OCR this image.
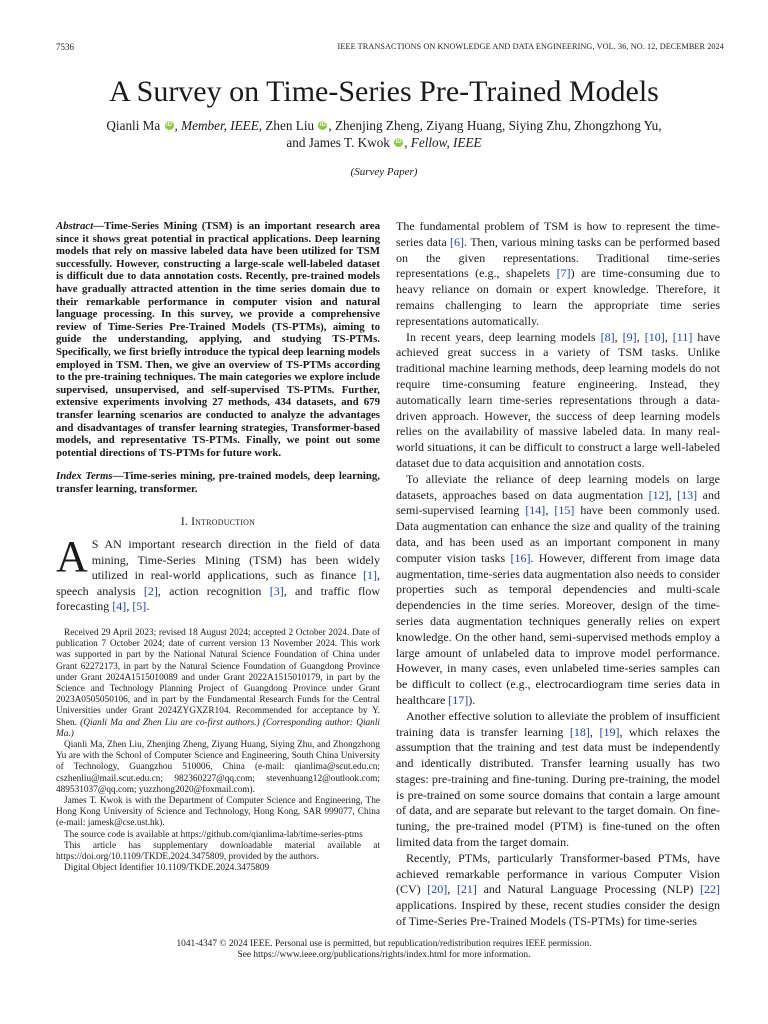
7536	IEEE TRANSACTIONS ON KNOWLEDGE AND DATA ENGINEERING, VOL. 36, NO. 12, DECEMBER 2024
A Survey on Time-Series Pre-Trained Models
Qianli Ma iD , Member, IEEE, Zhen Liu iD , Zhenjing Zheng, Ziyang Huang, Siying Zhu, Zhongzhong Yu,
and James T. Kwok iD , Fellow, IEEE
(Survey Paper)
Abstract—Time-Series Mining (TSM) is an important research area since it shows great potential in practical applications. Deep learning models that rely on massive labeled data have been utilized for TSM successfully. However, constructing a large-scale well-labeled dataset is difficult due to data annotation costs. Recently, pre-trained models have gradually attracted attention in the time series domain due to their remarkable performance in computer vision and natural language processing. In this survey, we provide a comprehensive review of Time-Series Pre-Trained Models (TS-PTMs), aiming to guide the understanding, applying, and studying TS-PTMs. Specifically, we first briefly introduce the typical deep learning models employed in TSM. Then, we give an overview of TS-PTMs according to the pre-training techniques. The main categories we explore include supervised, unsupervised, and self-supervised TS-PTMs. Further, extensive experiments involving 27 methods, 434 datasets, and 679 transfer learning scenarios are conducted to analyze the advantages and disadvantages of transfer learning strategies, Transformer-based models, and representative TS-PTMs. Finally, we point out some potential directions of TS-PTMs for future work.
Index Terms—Time-series mining, pre-trained models, deep learning, transfer learning, transformer.
I. Introduction
A S AN important research direction in the field of data mining, Time-Series Mining (TSM) has been widely utilized in real-world applications, such as finance [1], speech analysis [2], action recognition [3], and traffic flow forecasting [4], [5].

Received 29 April 2023; revised 18 August 2024; accepted 2 October 2024. Date of publication 7 October 2024; date of current version 13 November 2024. This work was supported in part by the National Natural Science Foundation of China under Grant 62272173, in part by the Natural Science Foundation of Guangdong Province under Grant 2024A1515010089 and under Grant 2022A1515010179, in part by the Science and Technology Planning Project of Guangdong Province under Grant 2023A0505050106, and in part by the Fundamental Research Funds for the Central Universities under Grant 2024ZYGXZR104. Recommended for acceptance by Y. Shen. (Qianli Ma and Zhen Liu are co-first authors.) (Corresponding author: Qianli Ma.)

Qianli Ma, Zhen Liu, Zhenjing Zheng, Ziyang Huang, Siying Zhu, and Zhongzhong Yu are with the School of Computer Science and Engineering, South China University of Technology, Guangzhou 510006, China (e-mail: qianlima@scut.edu.cn; cszhenliu@mail.scut.edu.cn; 982360227@qq.com; stevenhuang12@outlook.com; 489531037@qq.com; yuzzhong2020@foxmail.com).

James T. Kwok is with the Department of Computer Science and Engineering, The Hong Kong University of Science and Technology, Hong Kong, SAR 999077, China (e-mail: jamesk@cse.ust.hk).

The source code is available at https://github.com/qianlima-lab/time-series-ptms

This article has supplementary downloadable material available at https://doi.org/10.1109/TKDE.2024.3475809, provided by the authors.

Digital Object Identifier 10.1109/TKDE.2024.3475809

The fundamental problem of TSM is how to represent the time-series data [6]. Then, various mining tasks can be performed based on the given representations. Traditional time-series representations (e.g., shapelets [7]) are time-consuming due to heavy reliance on domain or expert knowledge. Therefore, it remains challenging to learn the appropriate time series representations automatically.

In recent years, deep learning models [8], [9], [10], [11] have achieved great success in a variety of TSM tasks. Unlike traditional machine learning methods, deep learning models do not require time-consuming feature engineering. Instead, they automatically learn time-series representations through a data-driven approach. However, the success of deep learning models relies on the availability of massive labeled data. In many real-world situations, it can be difficult to construct a large well-labeled dataset due to data acquisition and annotation costs.

To alleviate the reliance of deep learning models on large datasets, approaches based on data augmentation [12], [13] and semi-supervised learning [14], [15] have been commonly used. Data augmentation can enhance the size and quality of the training data, and has been used as an important component in many computer vision tasks [16]. However, different from image data augmentation, time-series data augmentation also needs to consider properties such as temporal dependencies and multi-scale dependencies in the time series. Moreover, design of the time-series data augmentation techniques generally relies on expert knowledge. On the other hand, semi-supervised methods employ a large amount of unlabeled data to improve model performance. However, in many cases, even unlabeled time-series samples can be difficult to collect (e.g., electrocardiogram time series data in healthcare [17]).

Another effective solution to alleviate the problem of insufficient training data is transfer learning [18], [19], which relaxes the assumption that the training and test data must be independently and identically distributed. Transfer learning usually has two stages: pre-training and fine-tuning. During pre-training, the model is pre-trained on some source domains that contain a large amount of data, and are separate but relevant to the target domain. On fine-tuning, the pre-trained model (PTM) is fine-tuned on the often limited data from the target domain.

Recently, PTMs, particularly Transformer-based PTMs, have achieved remarkable performance in various Computer Vision (CV) [20], [21] and Natural Language Processing (NLP) [22] applications. Inspired by these, recent studies consider the design of Time-Series Pre-Trained Models (TS-PTMs) for time-series

1041-4347 © 2024 IEEE. Personal use is permitted, but republication/redistribution requires IEEE permission.
See https://www.ieee.org/publications/rights/index.html for more information.
